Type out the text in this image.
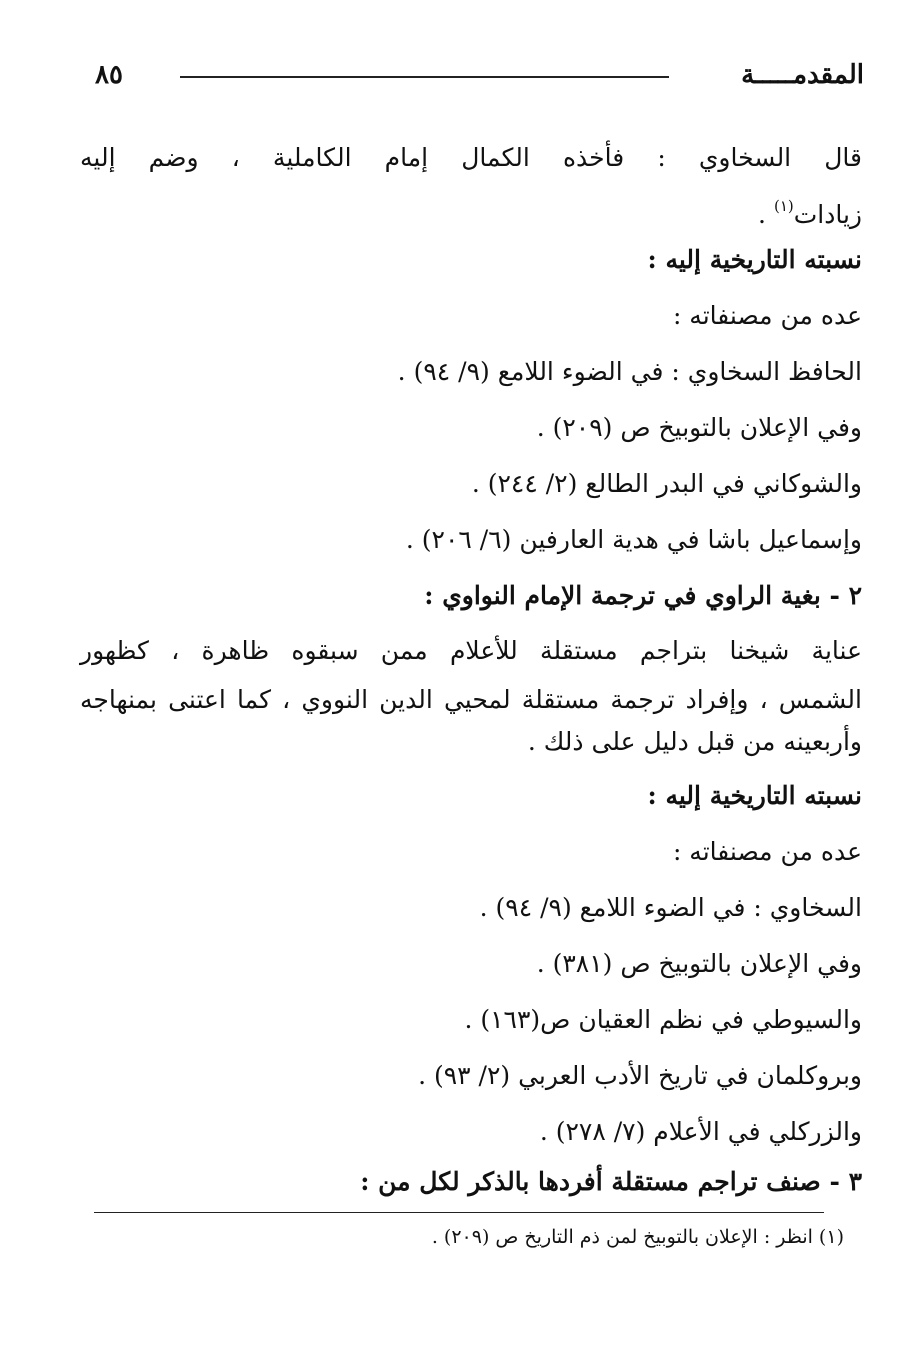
المقدمـــــة
٨٥
قال السخاوي : فأخذه الكمال إمام الكاملية ، وضم إليه
زيادات$^{(١)}$ .
نسبته التاريخية إليه :
عده من مصنفاته :
الحافظ السخاوي : في الضوء اللامع (٩/ ٩٤) .
وفي الإعلان بالتوبيخ ص (٢٠٩) .
والشوكاني في البدر الطالع (٢/ ٢٤٤) .
وإسماعيل باشا في هدية العارفين (٦/ ٢٠٦) .
٢ - بغية الراوي في ترجمة الإمام النواوي :
عناية شيخنا بتراجم مستقلة للأعلام ممن سبقوه ظاهرة ، كظهور
الشمس ، وإفراد ترجمة مستقلة لمحيي الدين النووي ، كما اعتنى بمنهاجه
وأربعينه من قبل دليل على ذلك .
نسبته التاريخية إليه :
عده من مصنفاته :
السخاوي : في الضوء اللامع (٩/ ٩٤) .
وفي الإعلان بالتوبيخ ص (٣٨١) .
والسيوطي في نظم العقيان ص(١٦٣) .
وبروكلمان في تاريخ الأدب العربي (٢/ ٩٣) .
والزركلي في الأعلام (٧/ ٢٧٨) .
٣ - صنف تراجم مستقلة أفردها بالذكر لكل من :
(١) انظر : الإعلان بالتوبيخ لمن ذم التاريخ ص (٢٠٩) .
